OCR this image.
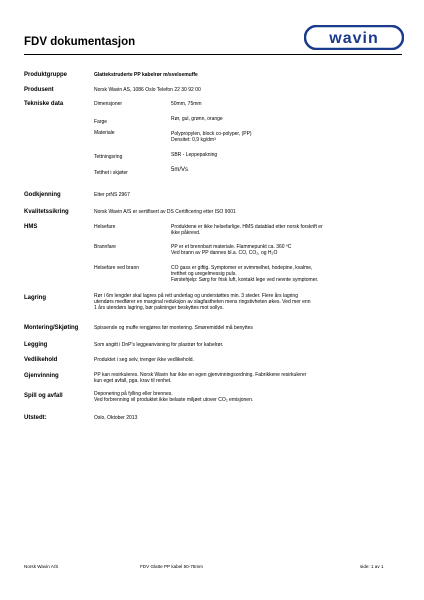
FDV dokumentasjon	wavin
Produktgruppe	Glattekstruderte PP kabelrør m/svelsemuffe
Produsent	Norsk Wavin AS, 1086 Oslo Telefon 22 30 92 00
Tekniske data	Dimensjoner	50mm, 75mm
Farge	Rør, gul, grønn, orange
Materiale	Polypropylen, block co-polyper, (PP)
Densitet: 0,9 kg/dm³
Tettningsring	SBR - Leppepakning
Tetthet i skjøter	5m/Vs
Godkjenning	Etter prNS 2967
Kvalitetssikring	Norsk Wavin A/S er sertifisert av DS Certificering etter ISO 9001
HMS	Helsefare	Produktene er ikke helsefarlige. HMS datablad etter norsk forskrift er
ikke påkrevd.
Brannfare	PP er et brennbart materiale. Flammepunkt ca. 360 ºC
Ved brann av PP dannes bl.a. CO, CO₂, og H₂O
Helsefare ved brann	CO gass er giftig. Symptomer er svimmelhet, hodepine, kvalme,
tretthet og uregelmessig puls.
Førstehjelp: Sørg for frisk luft, kontakt lege ved nevnte symptomer.
Lagring	Rør i 6m lengder skal lagres på rett underlag og understøttes min. 3 steder. Flere års lagring
utendørs medfører en marginal reduksjon av slagfastheten mens ringstivheten økes. Ved mer enn
1 års utendørs lagring, bør pakninger beskyttes mot sollys.
Montering/Skjøting	Spissende og muffe rengjøres før montering. Smøremiddel må benyttes
Legging	Som angitt i DnP's leggeanvisning for plastrør for kabelrør.
Vedlikehold	Produktet i seg selv, trenger ikke vedlikehold.
Gjenvinning	PP kan resirkuleres. Norsk Wavin har ikke en egen gjenvinningsordning. Fabrikkene resirkulerer
kun eget avfall, pga. krav til renhet.
Spill og avfall	Deponering på fylling eller brennes.
Ved forbrenning vil produktet ikke belaste miljøet utover CO₂ emisjonen.
Utstedt:	Oslo, Oktober 2013
Norsk Wavin A/S	FDV Glatte PP kabel 50-75mm	side: 1 av 1
